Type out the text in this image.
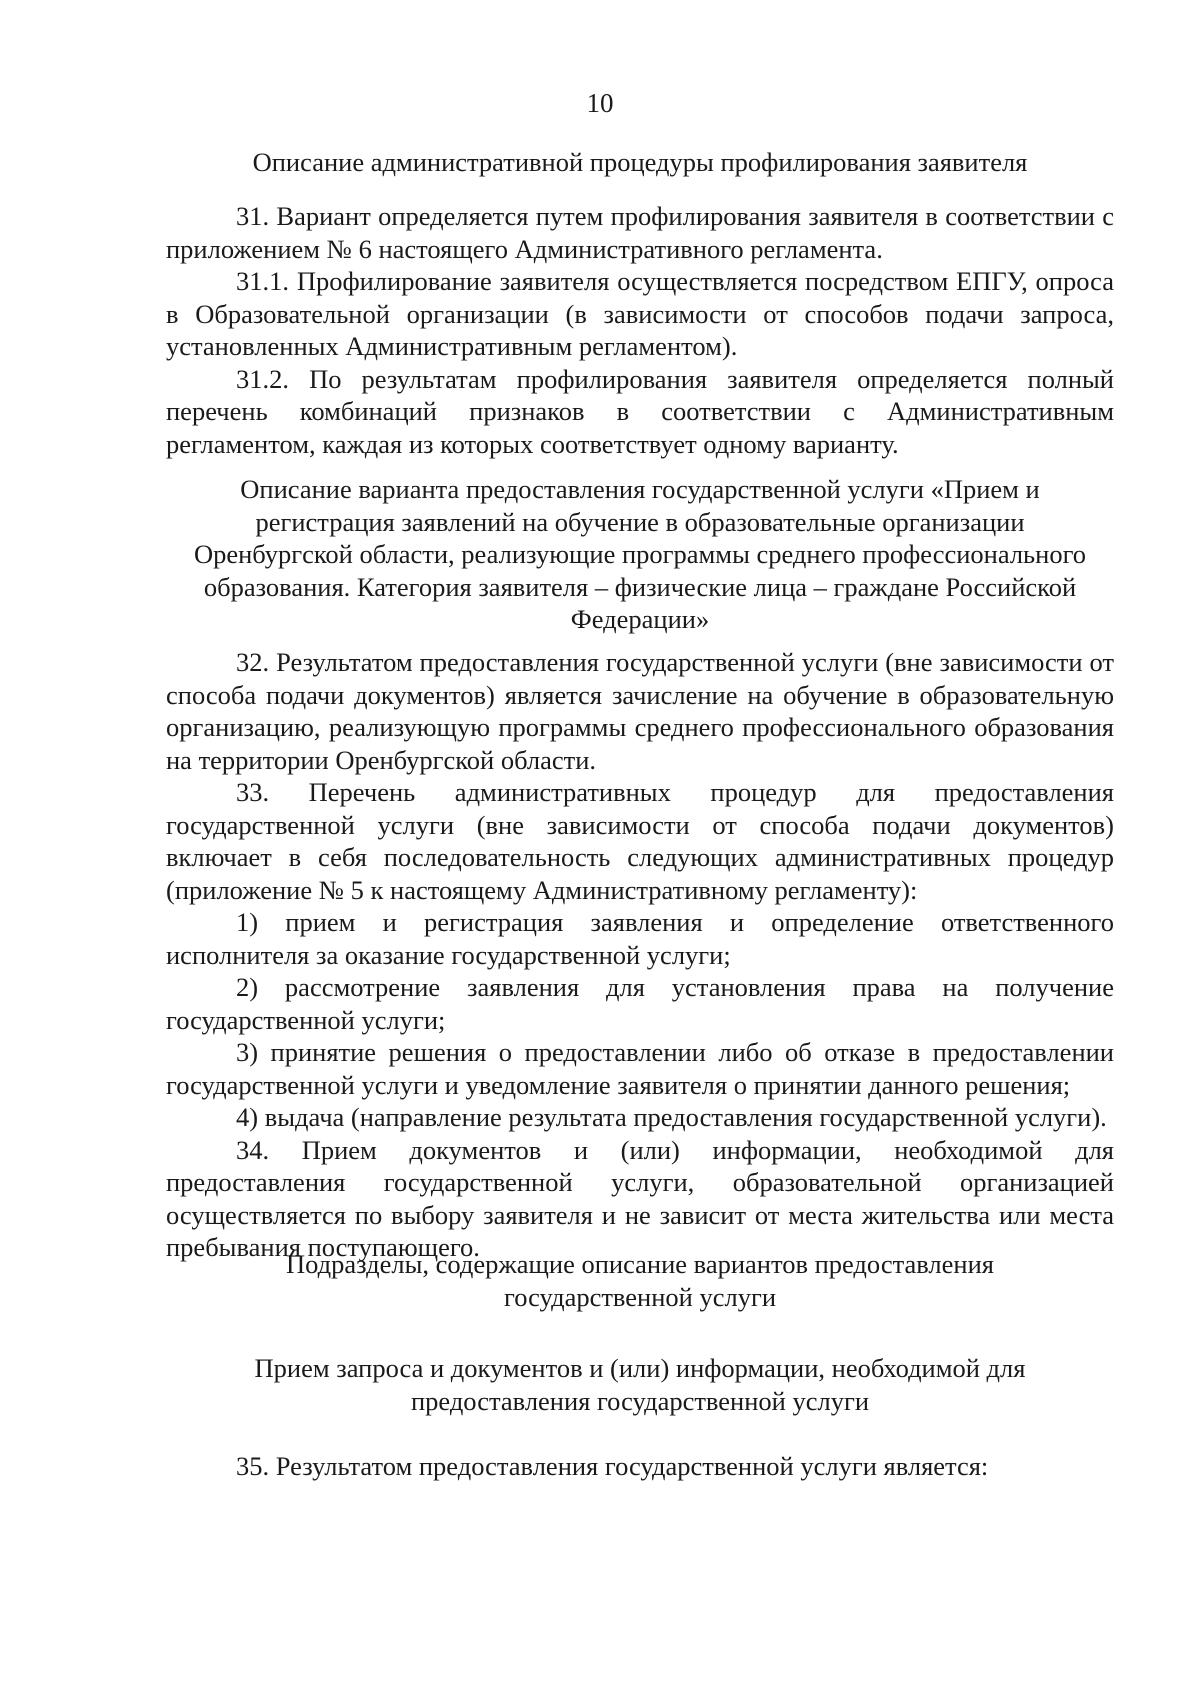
10
Описание административной процедуры профилирования заявителя

31. Вариант определяется путем профилирования заявителя в соответствии с приложением № 6 настоящего Административного регламента.

31.1. Профилирование заявителя осуществляется посредством ЕПГУ, опроса в Образовательной организации (в зависимости от способов подачи запроса, установленных Административным регламентом).

31.2. По результатам профилирования заявителя определяется полный перечень комбинаций признаков в соответствии с Административным регламентом, каждая из которых соответствует одному варианту.

Описание варианта предоставления государственной услуги «Прием и регистрация заявлений на обучение в образовательные организации Оренбургской области, реализующие программы среднего профессионального образования. Категория заявителя – физические лица – граждане Российской Федерации»

32. Результатом предоставления государственной услуги (вне зависимости от способа подачи документов) является зачисление на обучение в образовательную организацию, реализующую программы среднего профессионального образования на территории Оренбургской области.

33. Перечень административных процедур для предоставления государственной услуги (вне зависимости от способа подачи документов) включает в себя последовательность следующих административных процедур (приложение № 5 к настоящему Административному регламенту):

1) прием и регистрация заявления и определение ответственного исполнителя за оказание государственной услуги;

2) рассмотрение заявления для установления права на получение государственной услуги;

3) принятие решения о предоставлении либо об отказе в предоставлении государственной услуги и уведомление заявителя о принятии данного решения;

4) выдача (направление результата предоставления государственной услуги).

34. Прием документов и (или) информации, необходимой для предоставления государственной услуги, образовательной организацией осуществляется по выбору заявителя и не зависит от места жительства или места пребывания поступающего.

Подразделы, содержащие описание вариантов предоставления государственной услуги
Прием запроса и документов и (или) информации, необходимой для предоставления государственной услуги

35. Результатом предоставления государственной услуги является:
